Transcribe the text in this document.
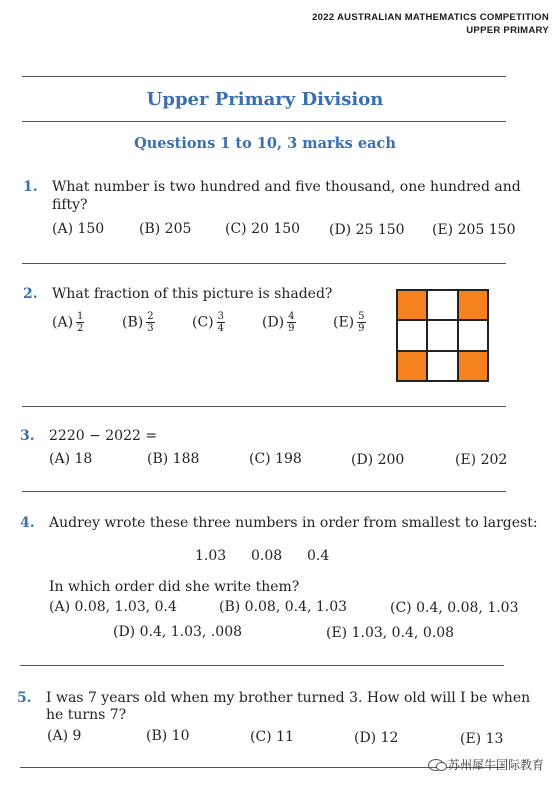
2022 AUSTRALIAN MATHEMATICS COMPETITION
UPPER PRIMARY
Upper Primary Division
Questions 1 to 10, 3 marks each
1. What number is two hundred and five thousand, one hundred and
fifty?
(A) 150 (B) 205 (C) 20 150 (D) 25 150 (E) 205 150
2. What fraction of this picture is shaded?
$(A) \frac{1}{2}$	$(B) \frac{2}{3}$	$(C) \frac{3}{4}$	$(D) \frac{4}{9}$	$(E) \frac{5}{9}$
3. 2220 − 2022 =
(A) 18	(B) 188	(C) 198	(D) 200	(E) 202
4. Audrey wrote these three numbers in order from smallest to largest:
1.03 0.08 0.4
In which order did she write them?
(A) 0.08, 1.03, 0.4	(B) 0.08, 0.4, 1.03	(C) 0.4, 0.08, 1.03
(D) 0.4, 1.03, .008	(E) 1.03, 0.4, 0.08
5. I was 7 years old when my brother turned 3. How old will I be when
he turns 7?
(A) 9	(B) 10	(C) 11	(D) 12	(E) 13
苏州犀牛国际教育
